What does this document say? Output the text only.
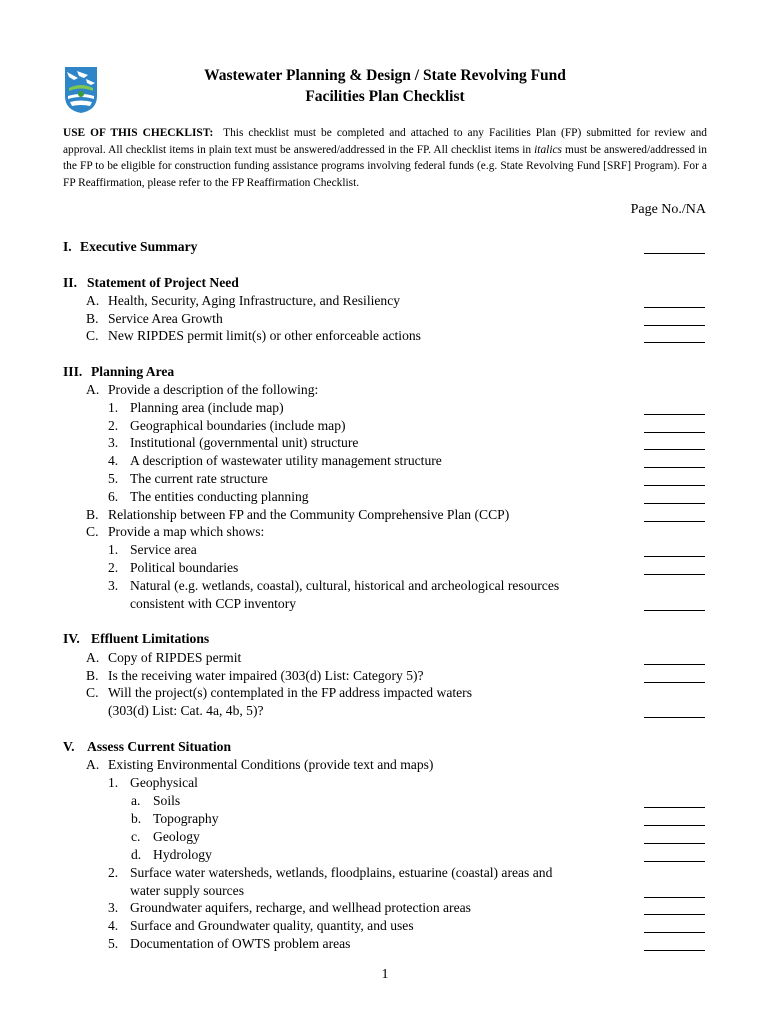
Wastewater Planning & Design / State Revolving Fund
Facilities Plan Checklist
USE OF THIS CHECKLIST: This checklist must be completed and attached to any Facilities Plan (FP) submitted for review and approval. All checklist items in plain text must be answered/addressed in the FP. All checklist items in italics must be answered/addressed in the FP to be eligible for construction funding assistance programs involving federal funds (e.g. State Revolving Fund [SRF] Program). For a FP Reaffirmation, please refer to the FP Reaffirmation Checklist.
Page No./NA
I. Executive Summary
II. Statement of Project Need
A. Health, Security, Aging Infrastructure, and Resiliency
B. Service Area Growth
C. New RIPDES permit limit(s) or other enforceable actions
III. Planning Area
A. Provide a description of the following:
1. Planning area (include map)
2. Geographical boundaries (include map)
3. Institutional (governmental unit) structure
4. A description of wastewater utility management structure
5. The current rate structure
6. The entities conducting planning
B. Relationship between FP and the Community Comprehensive Plan (CCP)
C. Provide a map which shows:
1. Service area
2. Political boundaries
3. Natural (e.g. wetlands, coastal), cultural, historical and archeological resources
consistent with CCP inventory
IV. Effluent Limitations
A. Copy of RIPDES permit
B. Is the receiving water impaired (303(d) List: Category 5)?
C. Will the project(s) contemplated in the FP address impacted waters
(303(d) List: Cat. 4a, 4b, 5)?
V. Assess Current Situation
A. Existing Environmental Conditions (provide text and maps)
1. Geophysical
a. Soils
b. Topography
c. Geology
d. Hydrology
2. Surface water watersheds, wetlands, floodplains, estuarine (coastal) areas and
water supply sources
3. Groundwater aquifers, recharge, and wellhead protection areas
4. Surface and Groundwater quality, quantity, and uses
5. Documentation of OWTS problem areas
1
